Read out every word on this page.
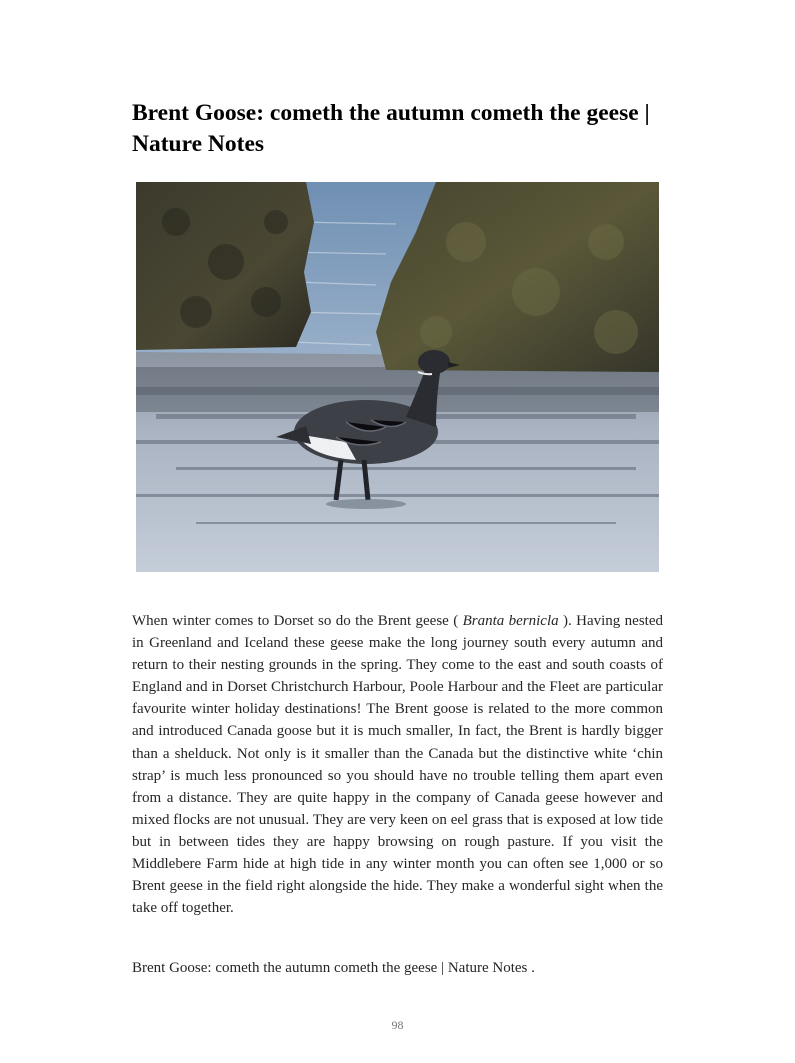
Brent Goose: cometh the autumn cometh the geese | Nature Notes

When winter comes to Dorset so do the Brent geese ( Branta bernicla ). Having nested in Greenland and Iceland these geese make the long journey south every autumn and return to their nesting grounds in the spring. They come to the east and south coasts of England and in Dorset Christchurch Harbour, Poole Harbour and the Fleet are particular favourite winter holiday destinations! The Brent goose is related to the more common and introduced Canada goose but it is much smaller, In fact, the Brent is hardly bigger than a shelduck. Not only is it smaller than the Canada but the distinctive white ‘chin strap’ is much less pronounced so you should have no trouble telling them apart even from a distance. They are quite happy in the company of Canada geese however and mixed flocks are not unusual. They are very keen on eel grass that is exposed at low tide but in between tides they are happy browsing on rough pasture. If you visit the Middlebere Farm hide at high tide in any winter month you can often see 1,000 or so Brent geese in the field right alongside the hide. They make a wonderful sight when the take off together.

Brent Goose: cometh the autumn cometh the geese | Nature Notes .

98
